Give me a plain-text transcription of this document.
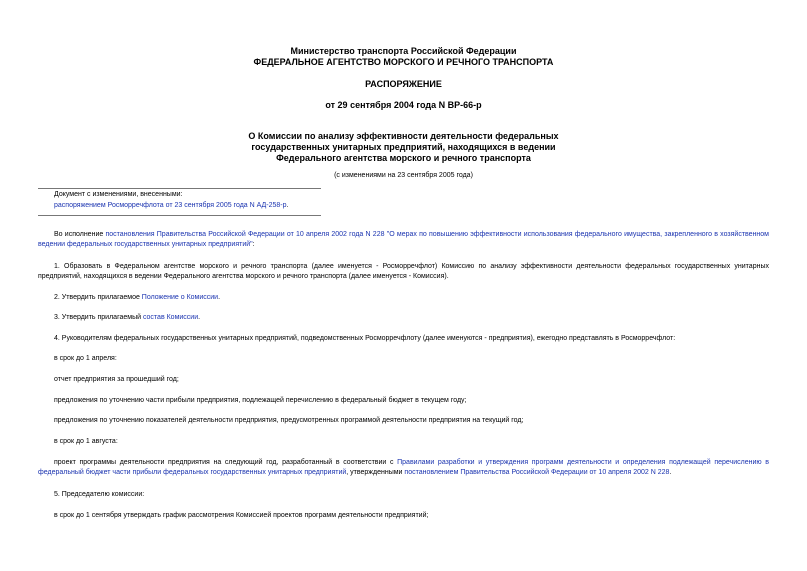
Министерство транспорта Российской Федерации
ФЕДЕРАЛЬНОЕ АГЕНТСТВО МОРСКОГО И РЕЧНОГО ТРАНСПОРТА
РАСПОРЯЖЕНИЕ
от 29 сентября 2004 года N ВР-66-р
О Комиссии по анализу эффективности деятельности федеральных
государственных унитарных предприятий, находящихся в ведении
Федерального агентства морского и речного транспорта
(с изменениями на 23 сентября 2005 года)
Документ с изменениями, внесенными:
распоряжением Росморречфлота от 23 сентября 2005 года N АД-258-р.
Во исполнение постановления Правительства Российской Федерации от 10 апреля 2002 года N 228 "О мерах по повышению эффективности использования федерального имущества, закрепленного в хозяйственном ведении федеральных государственных унитарных предприятий":
1. Образовать в Федеральном агентстве морского и речного транспорта (далее именуется - Росморречфлот) Комиссию по анализу эффективности деятельности федеральных государственных унитарных предприятий, находящихся в ведении Федерального агентства морского и речного транспорта (далее именуется - Комиссия).
2. Утвердить прилагаемое Положение о Комиссии.
3. Утвердить прилагаемый состав Комиссии.
4. Руководителям федеральных государственных унитарных предприятий, подведомственных Росморречфлоту (далее именуются - предприятия), ежегодно представлять в Росморречфлот:
в срок до 1 апреля:
отчет предприятия за прошедший год;
предложения по уточнению части прибыли предприятия, подлежащей перечислению в федеральный бюджет в текущем году;
предложения по уточнению показателей деятельности предприятия, предусмотренных программой деятельности предприятия на текущий год;
в срок до 1 августа:
проект программы деятельности предприятия на следующий год, разработанный в соответствии с Правилами разработки и утверждения программ деятельности и определения подлежащей перечислению в федеральный бюджет части прибыли федеральных государственных унитарных предприятий, утвержденными постановлением Правительства Российской Федерации от 10 апреля 2002 N 228.
5. Председателю комиссии:
в срок до 1 сентября утверждать график рассмотрения Комиссией проектов программ деятельности предприятий;
